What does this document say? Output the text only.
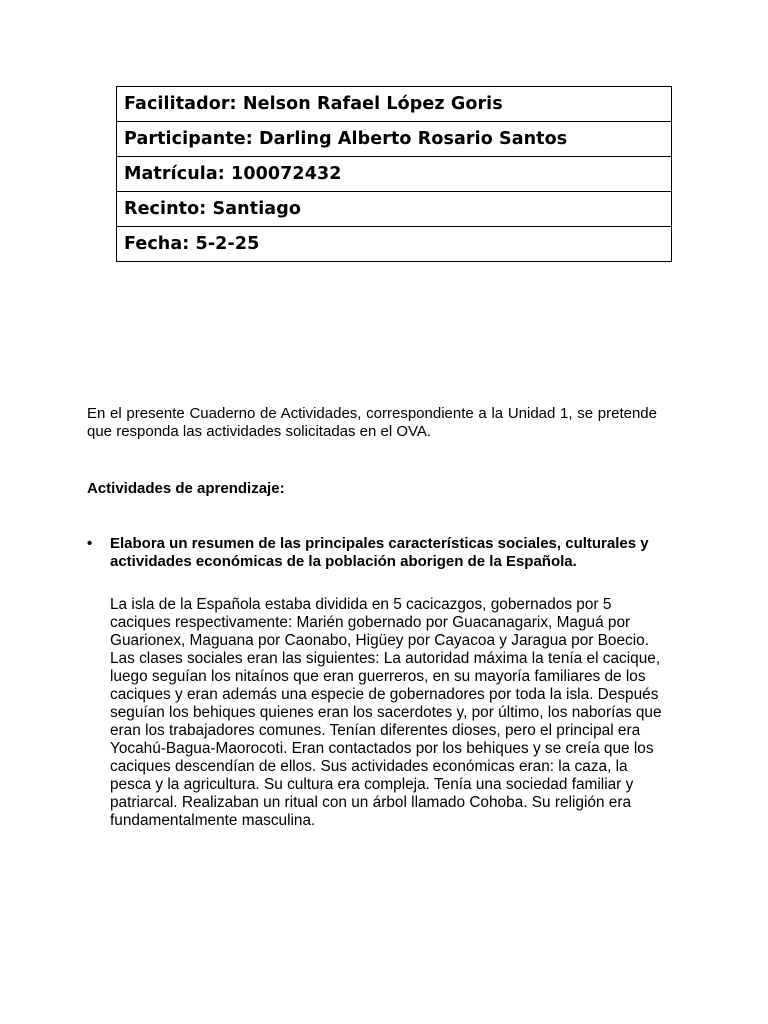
Facilitador: Nelson Rafael López Goris
Participante: Darling Alberto Rosario Santos
Matrícula: 100072432
Recinto: Santiago
Fecha: 5-2-25

En el presente Cuaderno de Actividades, correspondiente a la Unidad 1, se pretende que responda las actividades solicitadas en el OVA.

Actividades de aprendizaje:

• Elabora un resumen de las principales características sociales, culturales y actividades económicas de la población aborigen de la Española.

La isla de la Española estaba dividida en 5 cacicazgos, gobernados por 5 caciques respectivamente: Marién gobernado por Guacanagarix, Maguá por Guarionex, Maguana por Caonabo, Higüey por Cayacoa y Jaragua por Boecio. Las clases sociales eran las siguientes: La autoridad máxima la tenía el cacique, luego seguían los nitaínos que eran guerreros, en su mayoría familiares de los caciques y eran además una especie de gobernadores por toda la isla. Después seguían los behiques quienes eran los sacerdotes y, por último, los naborías que eran los trabajadores comunes. Tenían diferentes dioses, pero el principal era Yocahú-Bagua-Maorocoti. Eran contactados por los behiques y se creía que los caciques descendían de ellos. Sus actividades económicas eran: la caza, la pesca y la agricultura. Su cultura era compleja. Tenía una sociedad familiar y patriarcal. Realizaban un ritual con un árbol llamado Cohoba. Su religión era fundamentalmente masculina.
